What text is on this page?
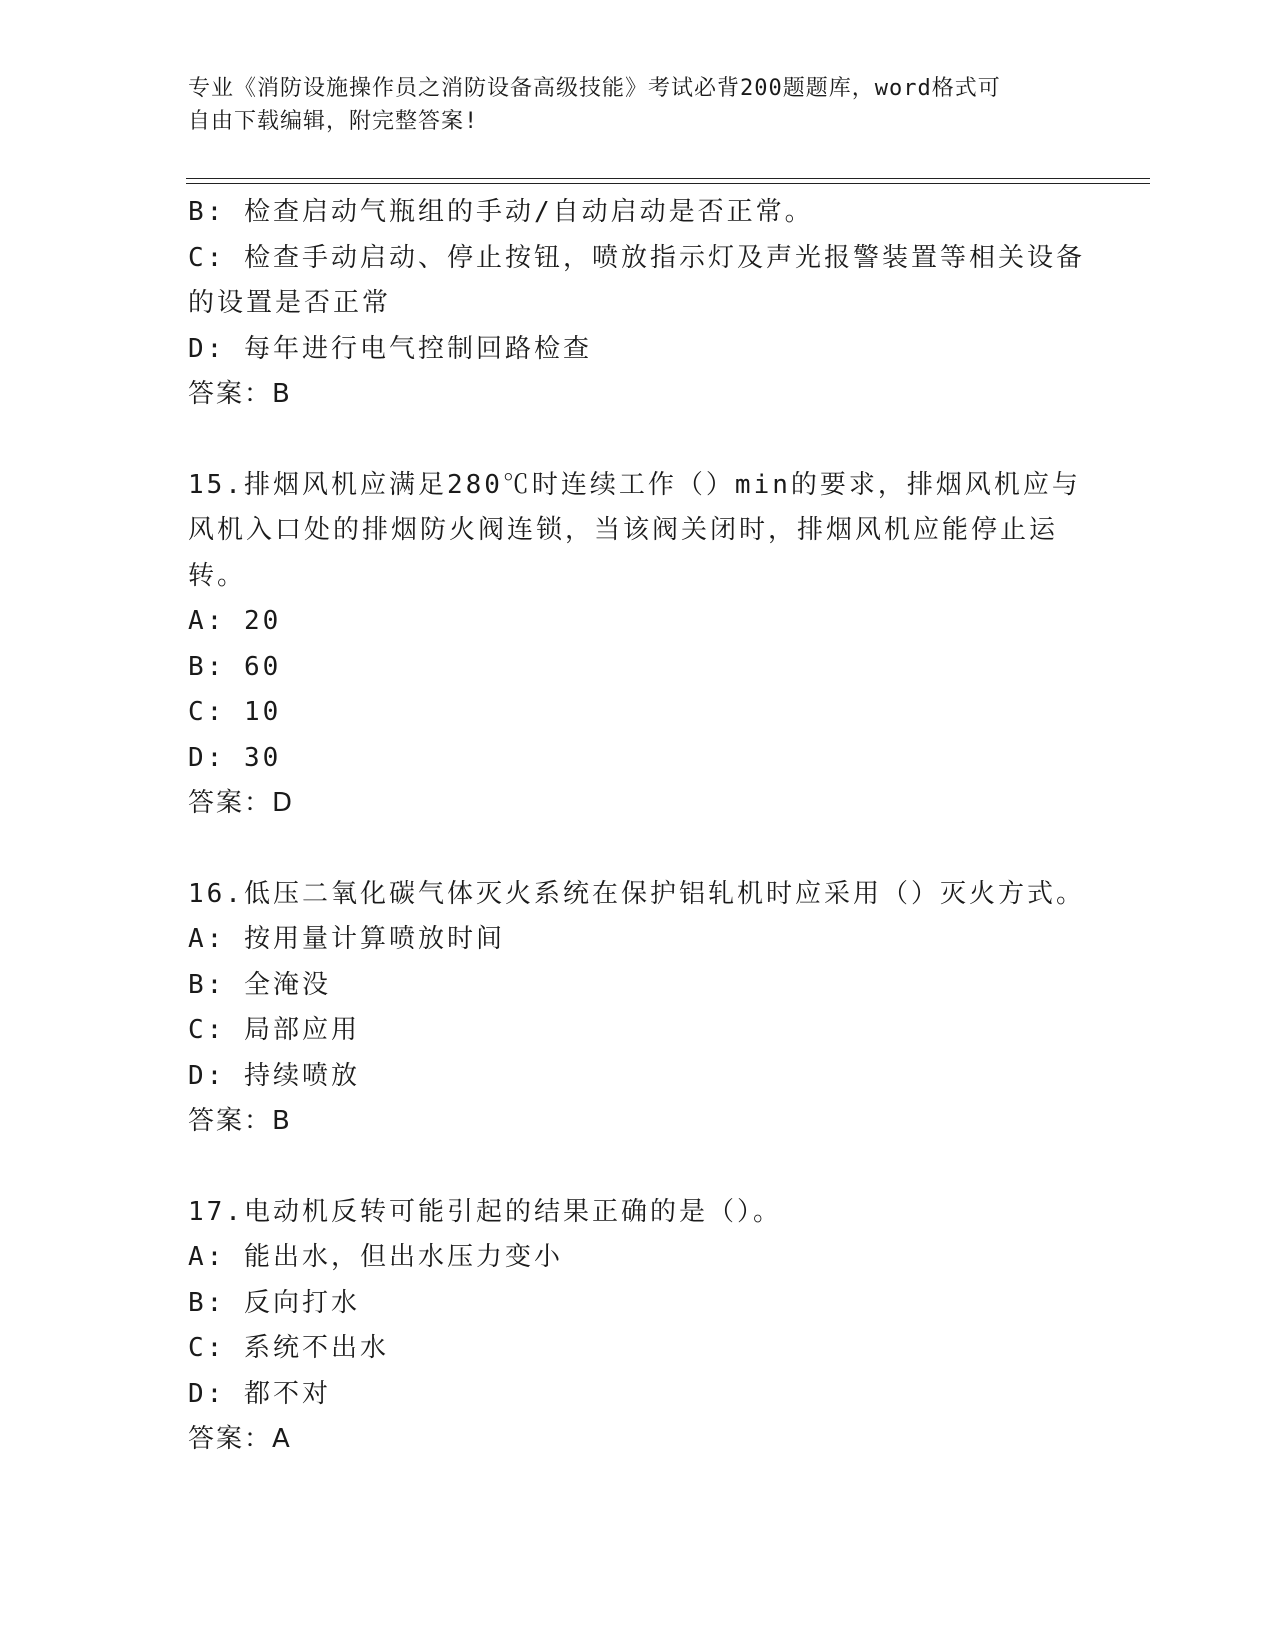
专业《消防设施操作员之消防设备高级技能》考试必背200题题库，word格式可
自由下载编辑，附完整答案!
B: 检查启动气瓶组的手动/自动启动是否正常。
C: 检查手动启动、停止按钮，喷放指示灯及声光报警装置等相关设备
的设置是否正常
D: 每年进行电气控制回路检查
答案：B
15.排烟风机应满足280℃时连续工作（）min的要求，排烟风机应与
风机入口处的排烟防火阀连锁，当该阀关闭时，排烟风机应能停止运
转。
A: 20
B: 60
C: 10
D: 30
答案：D
16.低压二氧化碳气体灭火系统在保护铝轧机时应采用（）灭火方式。
A: 按用量计算喷放时间
B: 全淹没
C: 局部应用
D: 持续喷放
答案：B
17.电动机反转可能引起的结果正确的是（）。
A: 能出水，但出水压力变小
B: 反向打水
C: 系统不出水
D: 都不对
答案：A
